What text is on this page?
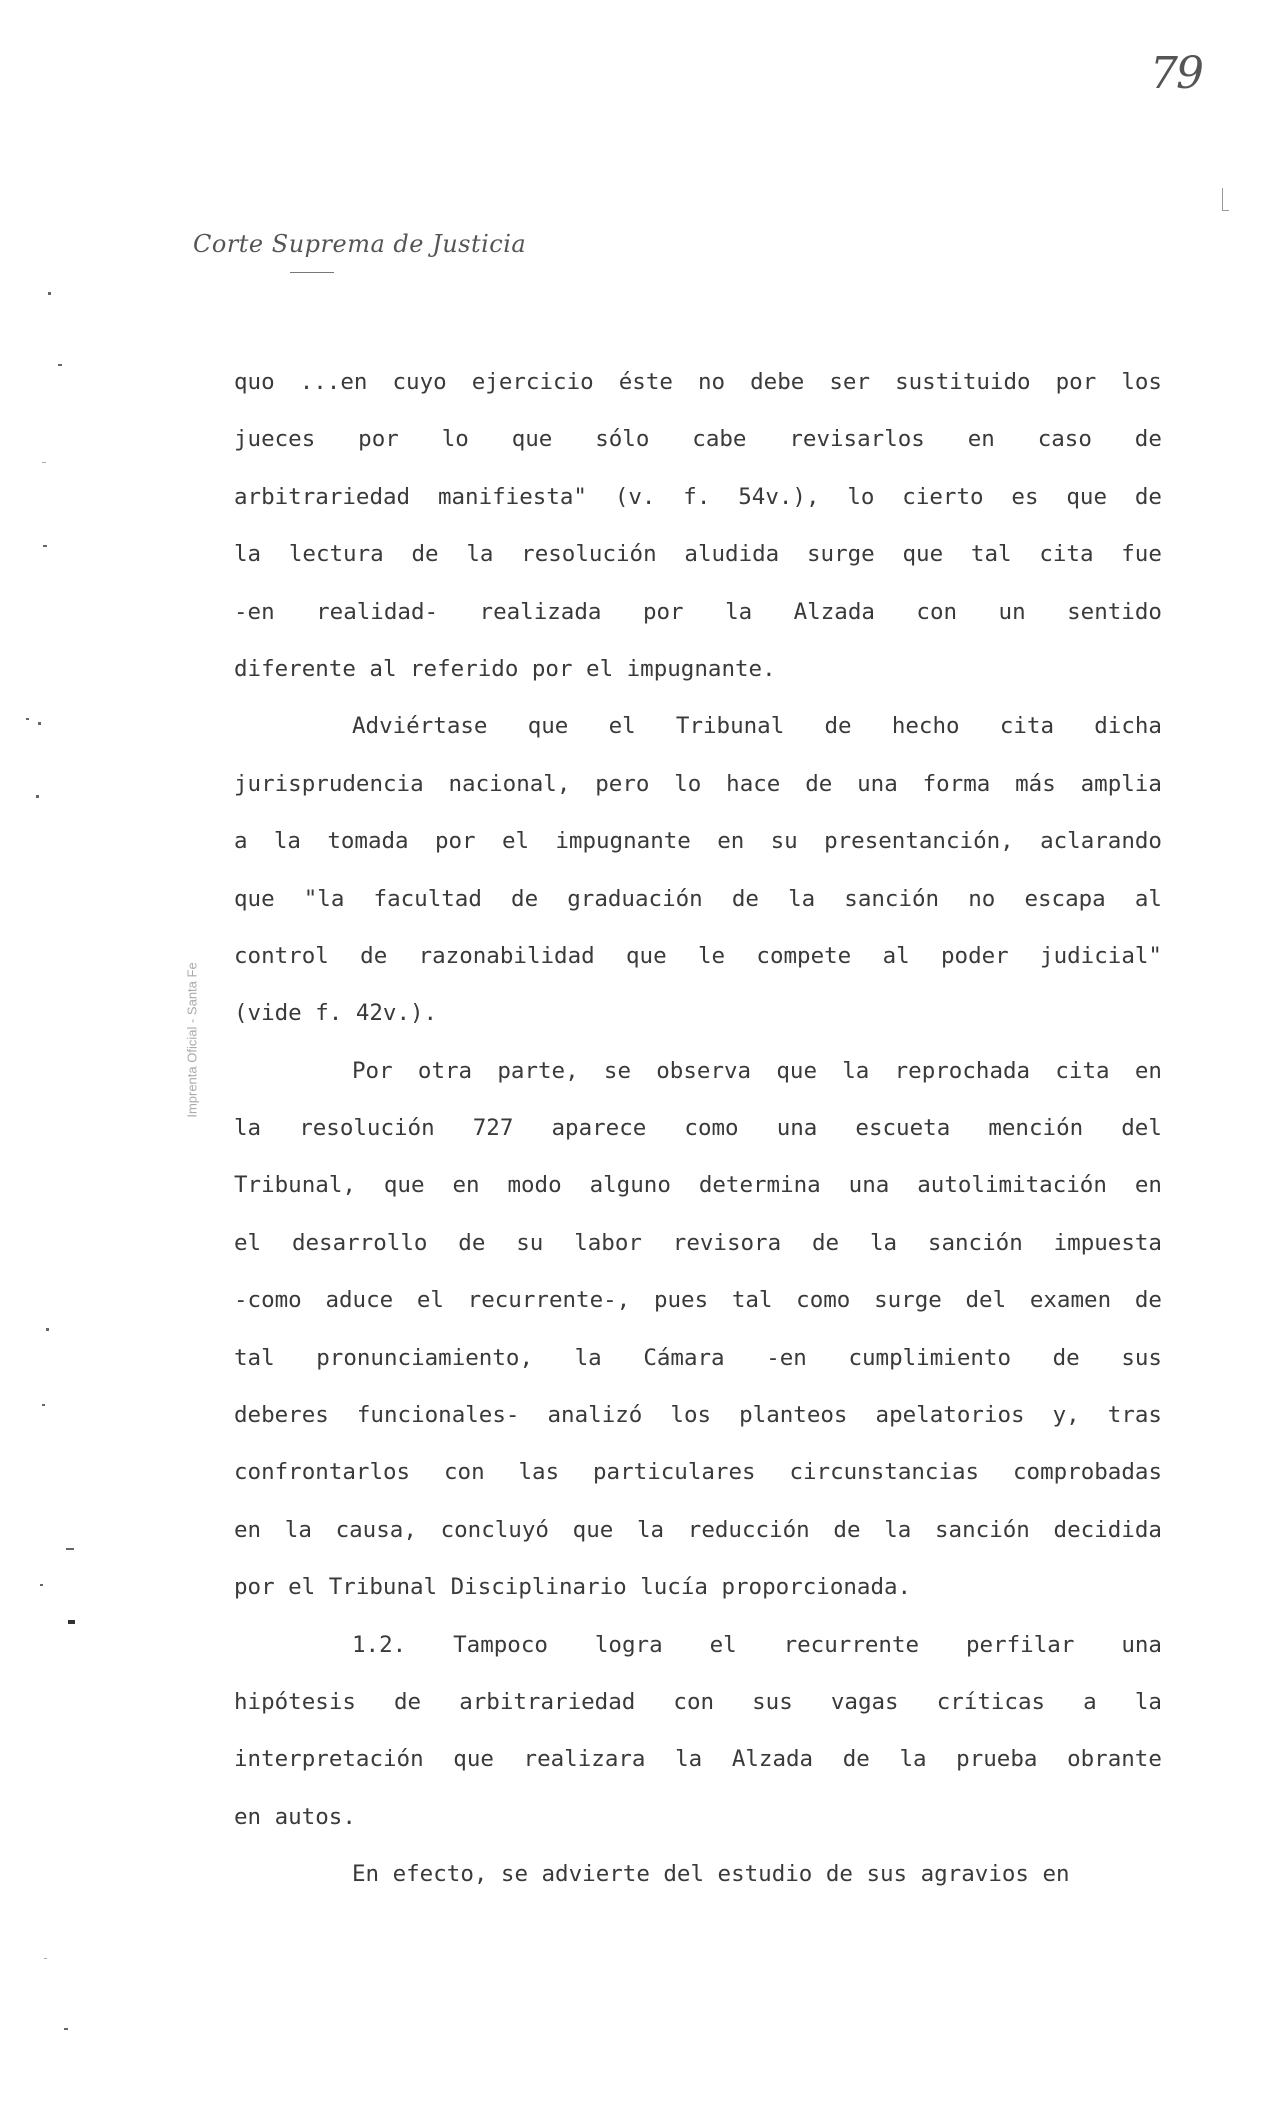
79
Corte Suprema de Justicia
Imprenta Oficial - Santa Fe
quo ...en cuyo ejercicio éste no debe ser sustituido por los
jueces por lo que sólo cabe revisarlos en caso de
arbitrariedad manifiesta" (v. f. 54v.), lo cierto es que de
la lectura de la resolución aludida surge que tal cita fue
-en realidad- realizada por la Alzada con un sentido
diferente al referido por el impugnante.
Adviértase que el Tribunal de hecho cita dicha
jurisprudencia nacional, pero lo hace de una forma más amplia
a la tomada por el impugnante en su presentanción, aclarando
que "la facultad de graduación de la sanción no escapa al
control de razonabilidad que le compete al poder judicial"
(vide f. 42v.).
Por otra parte, se observa que la reprochada cita en
la resolución 727 aparece como una escueta mención del
Tribunal, que en modo alguno determina una autolimitación en
el desarrollo de su labor revisora de la sanción impuesta
-como aduce el recurrente-, pues tal como surge del examen de
tal pronunciamiento, la Cámara -en cumplimiento de sus
deberes funcionales- analizó los planteos apelatorios y, tras
confrontarlos con las particulares circunstancias comprobadas
en la causa, concluyó que la reducción de la sanción decidida
por el Tribunal Disciplinario lucía proporcionada.
1.2. Tampoco logra el recurrente perfilar una
hipótesis de arbitrariedad con sus vagas críticas a la
interpretación que realizara la Alzada de la prueba obrante
en autos.
En efecto, se advierte del estudio de sus agravios en
